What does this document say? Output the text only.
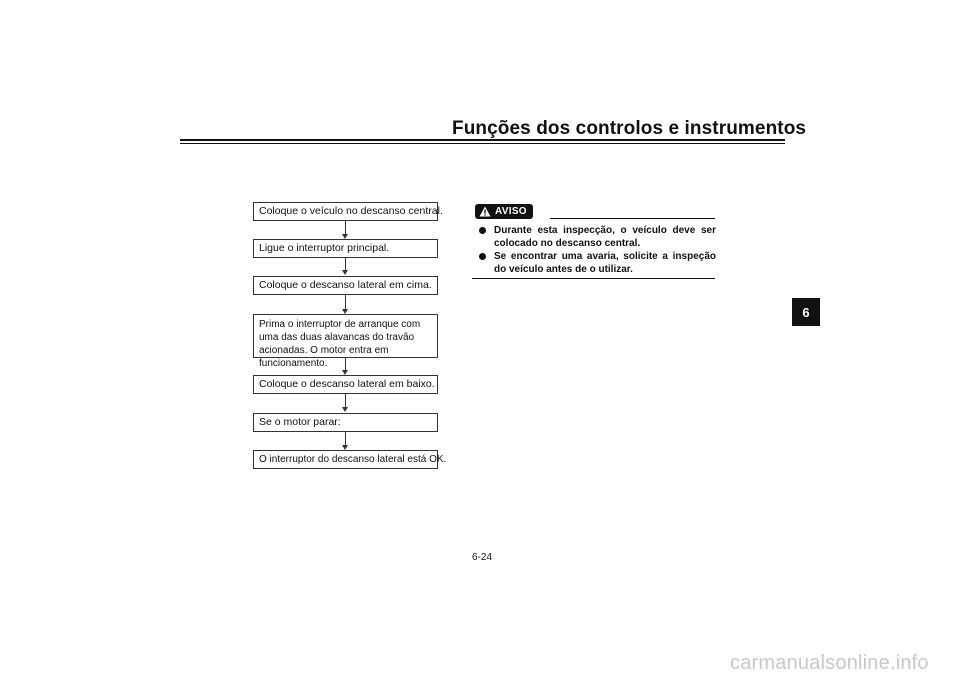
Funções dos controlos e instrumentos
6
Coloque o veículo no descanso central.
Ligue o interruptor principal.
Coloque o descanso lateral em cima.
Prima o interruptor de arranque com uma das duas alavancas do travão acionadas. O motor entra em funcionamento.
Coloque o descanso lateral em baixo.
Se o motor parar:
O interruptor do descanso lateral está OK.
AVISO
Durante esta inspecção, o veículo deve ser colocado no descanso central.
Se encontrar uma avaria, solicite a inspeção do veículo antes de o utilizar.
6-24
carmanualsonline.info
